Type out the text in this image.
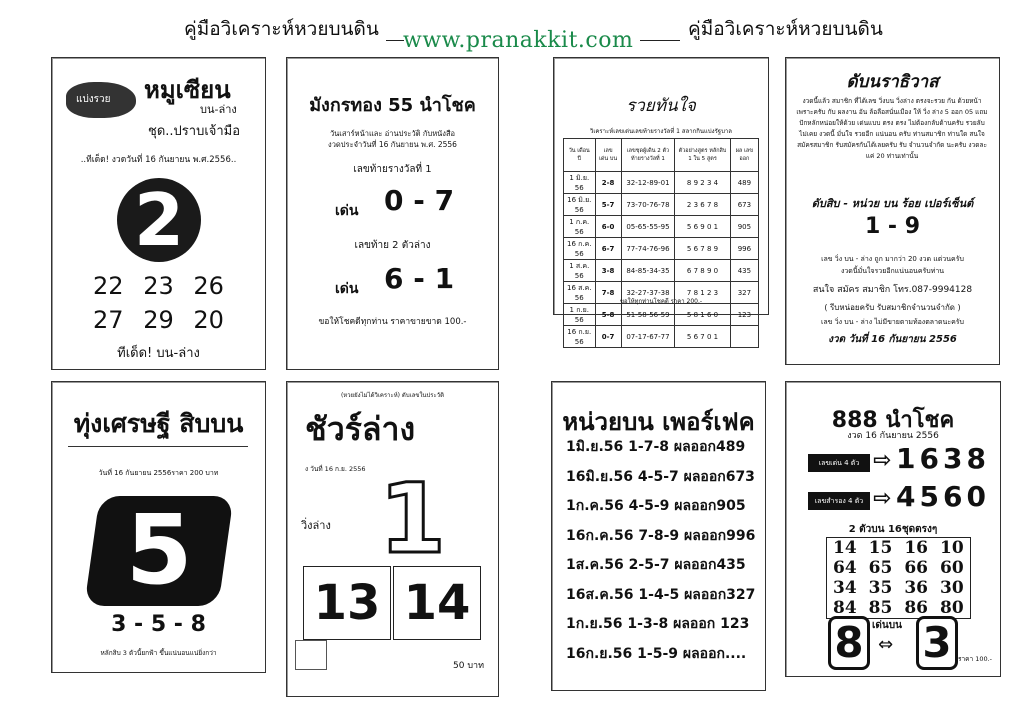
คู่มือวิเคราะห์หวยบนดิน www.pranakkit.com	คู่มือวิเคราะห์หวยบนดิน
แบ่งรวย หมูเซียน
บน-ล่าง
ชุด..ปราบเจ้ามือ
..ทีเด็ด! งวดวันที่ 16 กันยายน พ.ศ.2556..
2
22 23 26
27 29 20
ทีเด็ด! บน-ล่าง
มังกรทอง 55 นำโชค
วันเสาร์หน้าและ อ่านประวัติ กับหนังสือ
งวดประจำวันที่ 16 กันยายน พ.ศ. 2556
เลขท้ายรางวัลที่ 1
เด่น 0 - 7
เลขท้าย 2 ตัวล่าง
เด่น 6 - 1
ขอให้โชคดีทุกท่าน ราคาขายขาด 100.-
รวยทันใจ
วิเคราะห์เลขเด่นเลขท้ายรางวัลที่ 1 สลากกินแบ่งรัฐบาล
วัน เดือน ปี	เลข เด่น บน	เลขชุดผู้เดิน 2 ตัว ท้ายรางวัลที่ 1	ตัวอย่างสูตร หลักสิบ 1 ใน 5 สูตร	ผล เลข ออก
1 มิ.ย. 56	2-8	32-12-89-01	8 9 2 3 4	489
16 มิ.ย. 56	5-7	73-70-76-78	2 3 6 7 8	673
1 ก.ค. 56	6-0	05-65-55-95	5 6 9 0 1	905
16 ก.ค. 56	6-7	77-74-76-96	5 6 7 8 9	996
1 ส.ค. 56	3-8	84-85-34-35	6 7 8 9 0	435
16 ส.ค. 56	7-8	32-27-37-38	7 8 1 2 3	327
1 ก.ย. 56	5-8	51-58-56-59	5 8 1 6 0	123
16 ก.ย. 56	0-7	07-17-67-77	5 6 7 0 1	
ขอให้ทุกท่านโชคดี ราคา 200.-
ดับนราธิวาส
งวดนี้แล้ว สมาชิก ที่ได้เลข วิ่งบน วิ่งล่าง ตรงจะรวย กัน ด้วยหน้าเพราะครับ กับ ผลงาน อัน ล้อลือสนั่นเมือง ให้ วิ่ง ล่าง 5 ออก 05 แถม ปักหลักหน่อยให้ด้วย เด่นแบบ ตรง ตรง ไม่ต้องกลับด้านครับ รวยลับไม่เคย งวดนี้ มั่นใจ รวยอีก แน่นอน ครับ ท่านสมาชิก ท่านใด สนใจ สมัครสมาชิก รับสมัครกันได้เลยครับ รับ จำนวนจำกัด นะครับ งวดละแค่ 20 ท่านเท่านั้น
ดับสิบ - หน่วย บน ร้อย เปอร์เซ็นต์
1 - 9
เลข วิ่ง บน - ล่าง ถูก มากว่า 20 งวด แต่วนครับ
งวดนี้มั่นใจรวยอีกแน่นอนครับท่าน
สนใจ สมัคร สมาชิก โทร.087-9994128
( รีบหน่อยครับ รับสมาชิกจำนวนจำกัด )
เลข วิ่ง บน - ล่าง ไม่มีขายตามท้องตลาดนะครับ
งวด วันที่ 16 กันยายน 2556
ทุ่งเศรษฐี สิบบน
วันที่ 16 กันยายน 2556ราคา 200 บาท
5
3 - 5 - 8
หลักสิบ 3 ตัวนี้ยกฟ้า ขึ้นแน่นอนแน่ยิ่งกว่า
(หวยยังไม่ได้วิเคราะห์) ดับเลขในประวัติ
ชัวร์ล่าง
ง วันที่ 16 ก.ย. 2556
วิ่งล่าง 1
13 14
50 บาท
หน่วยบน เพอร์เฟค
1มิ.ย.56 1-7-8 ผลออก489
16มิ.ย.56 4-5-7 ผลออก673
1ก.ค.56 4-5-9 ผลออก905
16ก.ค.56 7-8-9 ผลออก996
1ส.ค.56 2-5-7 ผลออก435
16ส.ค.56 1-4-5 ผลออก327
1ก.ย.56 1-3-8 ผลออก 123
16ก.ย.56 1-5-9 ผลออก....
888 นำโชค
งวด 16 กันยายน 2556
เลขเด่น 4 ตัว ⇨ 1638
เลขสำรอง 4 ตัว ⇨ 4560
2 ตัวบน 16ชุดตรงๆ
14	15	16	10
64	65	66	60
34	35	36	30
84	85	86	80
8 เด่นบน
⇔ 3 ราคา 100.-
